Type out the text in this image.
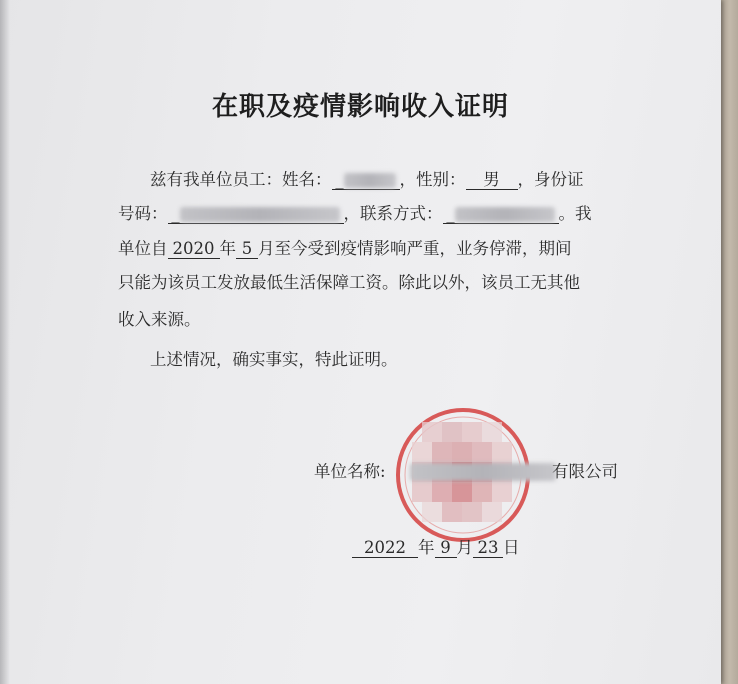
在职及疫情影响收入证明
兹有我单位员工：姓名： _	，性别： 男 ，身份证
号码： _	，联系方式： _	。我
单位自 2020 年 5 月至今受到疫情影响严重，业务停滞，期间
只能为该员工发放最低生活保障工资。除此以外，该员工无其他
收入来源。
上述情况，确实事实，特此证明。
单位名称:	有限公司
2022 年 9 月 23 日
